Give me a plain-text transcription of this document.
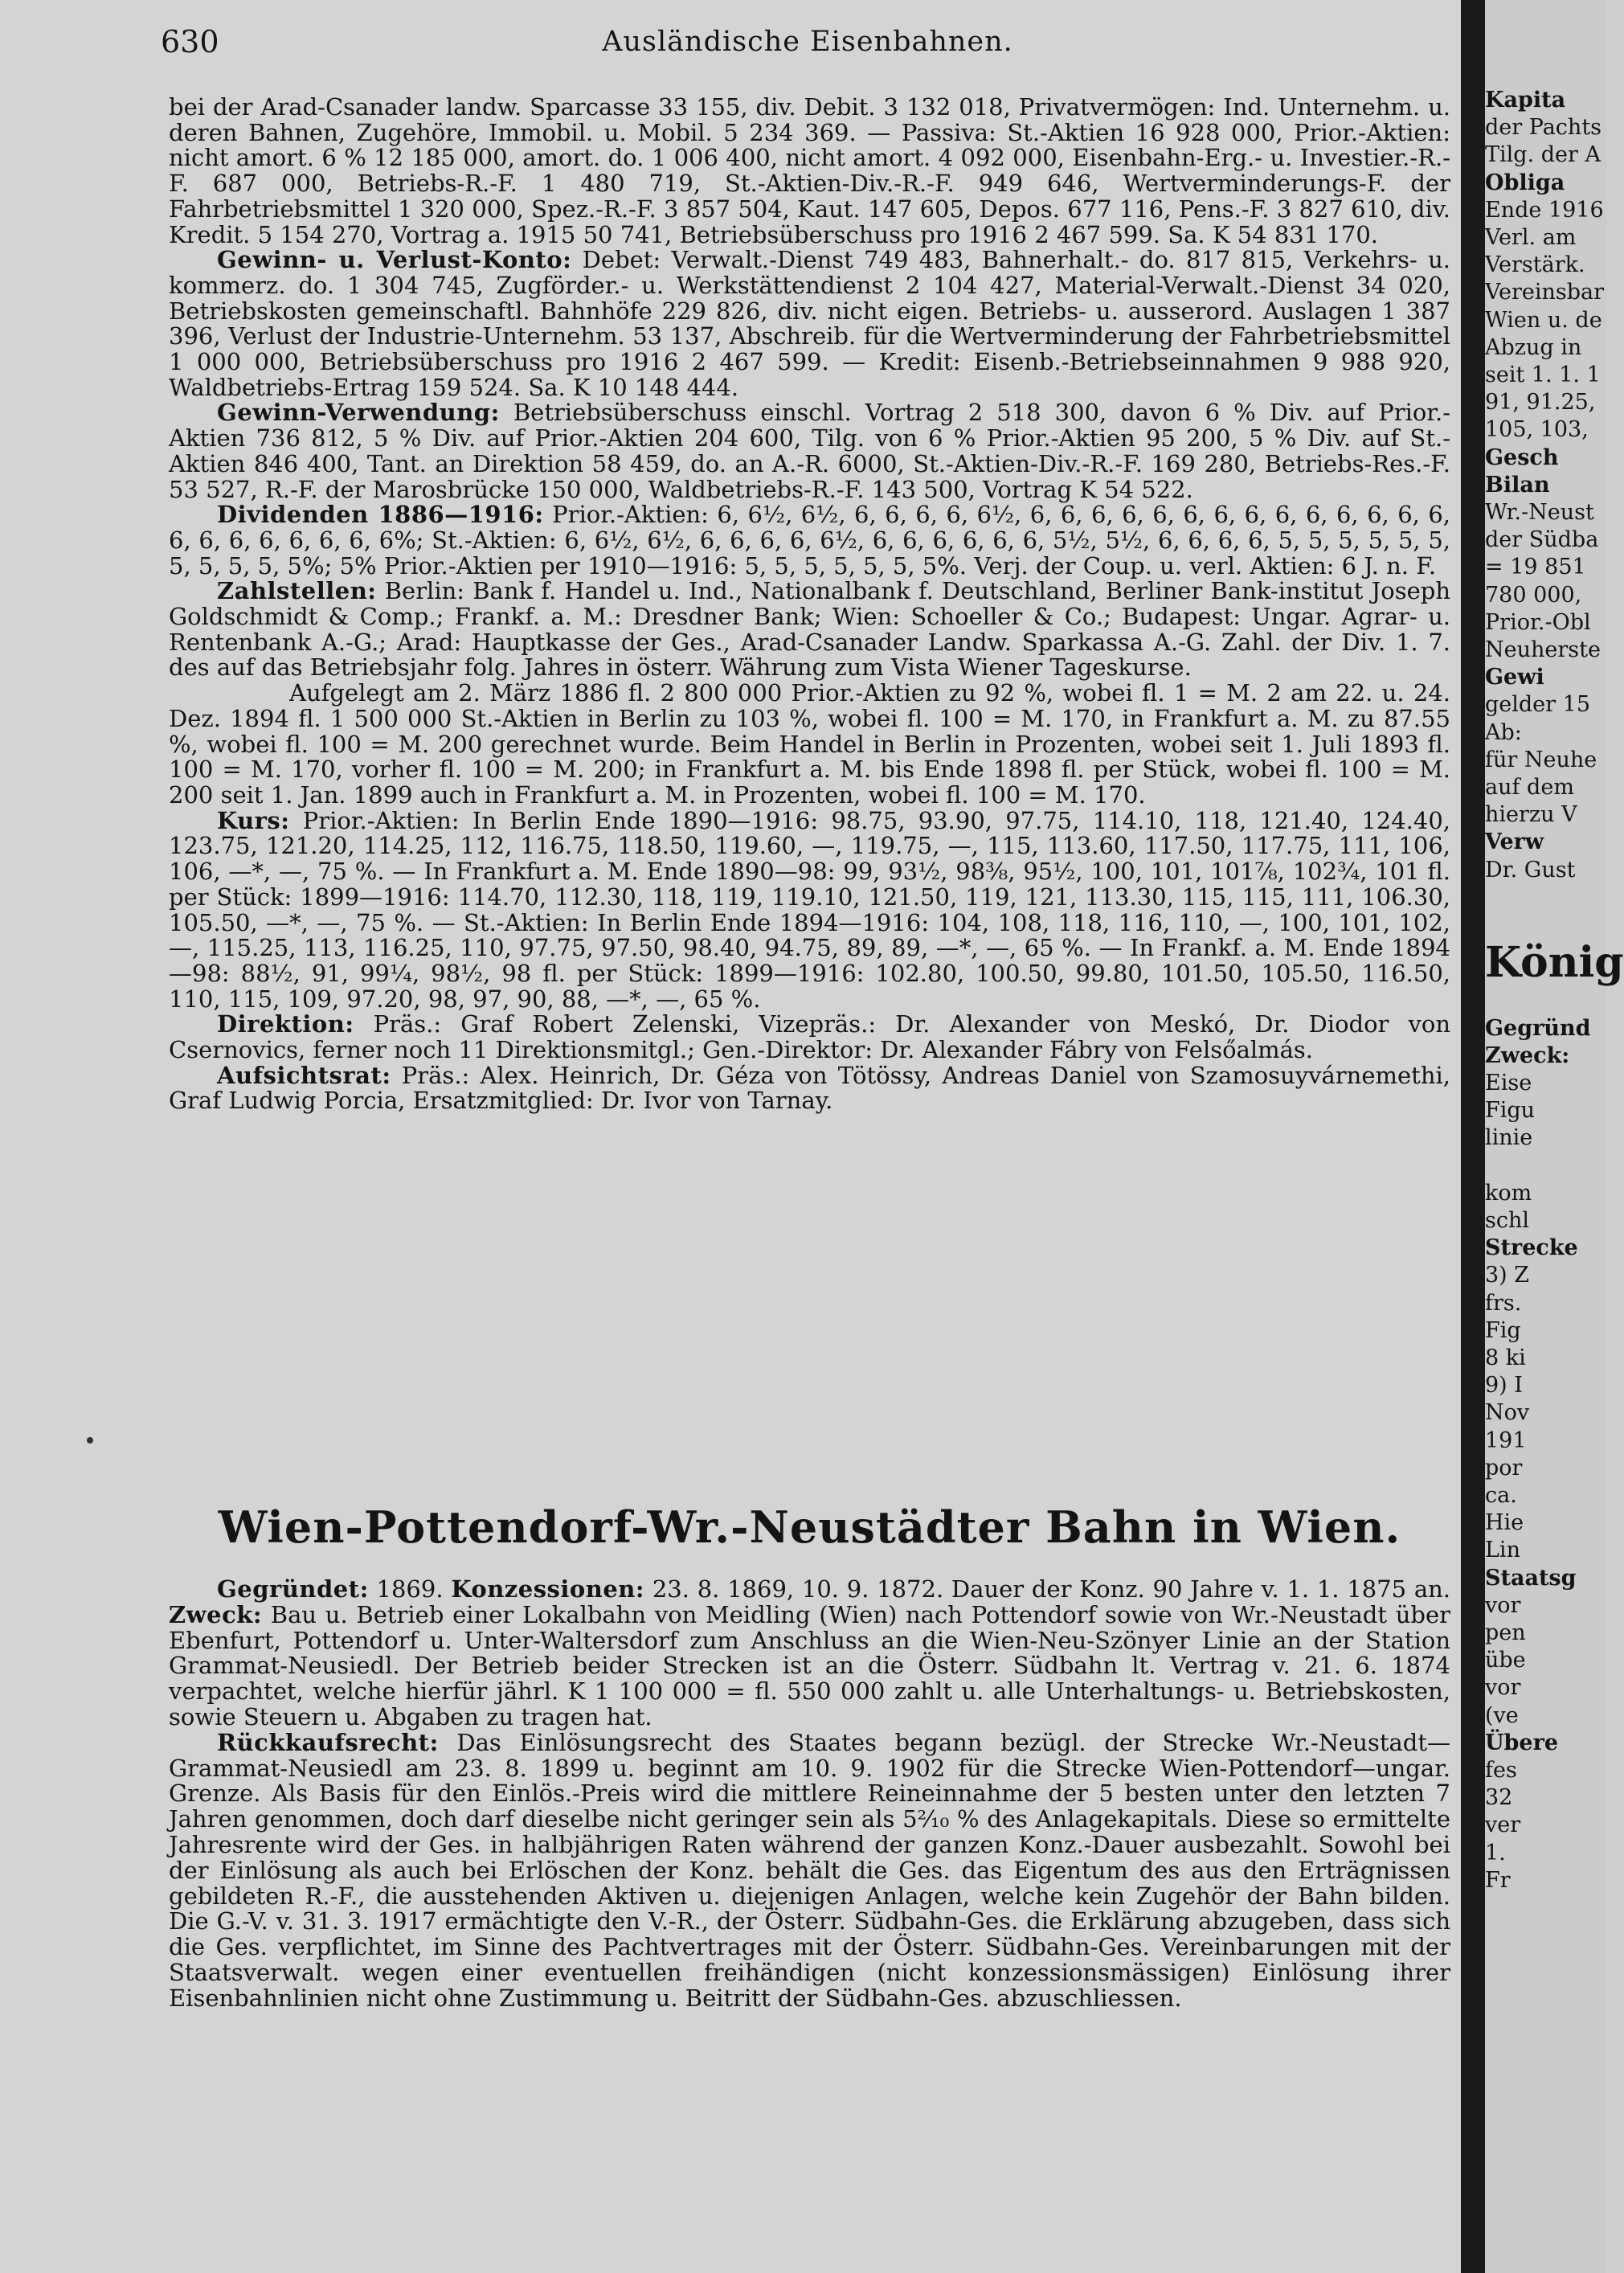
630	Ausländische Eisenbahnen.

bei der Arad-Csanader landw. Sparcasse 33 155, div. Debit. 3 132 018, Privatvermögen: Ind. Unternehm. u. deren Bahnen, Zugehöre, Immobil. u. Mobil. 5 234 369. — Passiva: St.-Aktien 16 928 000, Prior.-Aktien: nicht amort. 6 % 12 185 000, amort. do. 1 006 400, nicht amort. 4 092 000, Eisenbahn-Erg.- u. Investier.-R.-F. 687 000, Betriebs-R.-F. 1 480 719, St.-Aktien-Div.-R.-F. 949 646, Wertverminderungs-F. der Fahrbetriebsmittel 1 320 000, Spez.-R.-F. 3 857 504, Kaut. 147 605, Depos. 677 116, Pens.-F. 3 827 610, div. Kredit. 5 154 270, Vortrag a. 1915 50 741, Betriebsüberschuss pro 1916 2 467 599. Sa. K 54 831 170.

Gewinn- u. Verlust-Konto: Debet: Verwalt.-Dienst 749 483, Bahnerhalt.- do. 817 815, Verkehrs- u. kommerz. do. 1 304 745, Zugförder.- u. Werkstättendienst 2 104 427, Material-Verwalt.-Dienst 34 020, Betriebskosten gemeinschaftl. Bahnhöfe 229 826, div. nicht eigen. Betriebs- u. ausserord. Auslagen 1 387 396, Verlust der Industrie-Unternehm. 53 137, Abschreib. für die Wertverminderung der Fahrbetriebsmittel 1 000 000, Betriebsüberschuss pro 1916 2 467 599. — Kredit: Eisenb.-Betriebseinnahmen 9 988 920, Waldbetriebs-Ertrag 159 524. Sa. K 10 148 444.

Gewinn-Verwendung: Betriebsüberschuss einschl. Vortrag 2 518 300, davon 6 % Div. auf Prior.-Aktien 736 812, 5 % Div. auf Prior.-Aktien 204 600, Tilg. von 6 % Prior.-Aktien 95 200, 5 % Div. auf St.-Aktien 846 400, Tant. an Direktion 58 459, do. an A.-R. 6000, St.-Aktien-Div.-R.-F. 169 280, Betriebs-Res.-F. 53 527, R.-F. der Marosbrücke 150 000, Waldbetriebs-R.-F. 143 500, Vortrag K 54 522.

Dividenden 1886—1916: Prior.-Aktien: 6, 6½, 6½, 6, 6, 6, 6, 6½, 6, 6, 6, 6, 6, 6, 6, 6, 6, 6, 6, 6, 6, 6, 6, 6, 6, 6, 6, 6, 6, 6%; St.-Aktien: 6, 6½, 6½, 6, 6, 6, 6, 6½, 6, 6, 6, 6, 6, 6, 5½, 5½, 6, 6, 6, 6, 5, 5, 5, 5, 5, 5, 5, 5, 5, 5, 5%; 5% Prior.-Aktien per 1910—1916: 5, 5, 5, 5, 5, 5, 5%. Verj. der Coup. u. verl. Aktien: 6 J. n. F.

Zahlstellen: Berlin: Bank f. Handel u. Ind., Nationalbank f. Deutschland, Berliner Bank-institut Joseph Goldschmidt & Comp.; Frankf. a. M.: Dresdner Bank; Wien: Schoeller & Co.; Budapest: Ungar. Agrar- u. Rentenbank A.-G.; Arad: Hauptkasse der Ges., Arad-Csanader Landw. Sparkassa A.-G. Zahl. der Div. 1. 7. des auf das Betriebsjahr folg. Jahres in österr. Währung zum Vista Wiener Tageskurse.

Aufgelegt am 2. März 1886 fl. 2 800 000 Prior.-Aktien zu 92 %, wobei fl. 1 = M. 2 am 22. u. 24. Dez. 1894 fl. 1 500 000 St.-Aktien in Berlin zu 103 %, wobei fl. 100 = M. 170, in Frankfurt a. M. zu 87.55 %, wobei fl. 100 = M. 200 gerechnet wurde. Beim Handel in Berlin in Prozenten, wobei seit 1. Juli 1893 fl. 100 = M. 170, vorher fl. 100 = M. 200; in Frankfurt a. M. bis Ende 1898 fl. per Stück, wobei fl. 100 = M. 200 seit 1. Jan. 1899 auch in Frankfurt a. M. in Prozenten, wobei fl. 100 = M. 170.

Kurs: Prior.-Aktien: In Berlin Ende 1890—1916: 98.75, 93.90, 97.75, 114.10, 118, 121.40, 124.40, 123.75, 121.20, 114.25, 112, 116.75, 118.50, 119.60, —, 119.75, —, 115, 113.60, 117.50, 117.75, 111, 106, 106, —*, —, 75 %. — In Frankfurt a. M. Ende 1890—98: 99, 93½, 98⅜, 95½, 100, 101, 101⅞, 102¾, 101 fl. per Stück: 1899—1916: 114.70, 112.30, 118, 119, 119.10, 121.50, 119, 121, 113.30, 115, 115, 111, 106.30, 105.50, —*, —, 75 %. — St.-Aktien: In Berlin Ende 1894—1916: 104, 108, 118, 116, 110, —, 100, 101, 102, —, 115.25, 113, 116.25, 110, 97.75, 97.50, 98.40, 94.75, 89, 89, —*, —, 65 %. — In Frankf. a. M. Ende 1894—98: 88½, 91, 99¼, 98½, 98 fl. per Stück: 1899—1916: 102.80, 100.50, 99.80, 101.50, 105.50, 116.50, 110, 115, 109, 97.20, 98, 97, 90, 88, —*, —, 65 %.

Direktion: Präs.: Graf Robert Zelenski, Vizepräs.: Dr. Alexander von Meskó, Dr. Diodor von Csernovics, ferner noch 11 Direktionsmitgl.; Gen.-Direktor: Dr. Alexander Fábry von Felsőalmás.

Aufsichtsrat: Präs.: Alex. Heinrich, Dr. Géza von Tötössy, Andreas Daniel von Szamosuyvárnemethi, Graf Ludwig Porcia, Ersatzmitglied: Dr. Ivor von Tarnay.

Wien-Pottendorf-Wr.-Neustädter Bahn in Wien.

Gegründet: 1869. Konzessionen: 23. 8. 1869, 10. 9. 1872. Dauer der Konz. 90 Jahre v. 1. 1. 1875 an. Zweck: Bau u. Betrieb einer Lokalbahn von Meidling (Wien) nach Pottendorf sowie von Wr.-Neustadt über Ebenfurt, Pottendorf u. Unter-Waltersdorf zum Anschluss an die Wien-Neu-Szönyer Linie an der Station Grammat-Neusiedl. Der Betrieb beider Strecken ist an die Österr. Südbahn lt. Vertrag v. 21. 6. 1874 verpachtet, welche hierfür jährl. K 1 100 000 = fl. 550 000 zahlt u. alle Unterhaltungs- u. Betriebskosten, sowie Steuern u. Abgaben zu tragen hat.

Rückkaufsrecht: Das Einlösungsrecht des Staates begann bezügl. der Strecke Wr.-Neustadt—Grammat-Neusiedl am 23. 8. 1899 u. beginnt am 10. 9. 1902 für die Strecke Wien-Pottendorf—ungar. Grenze. Als Basis für den Einlös.-Preis wird die mittlere Reineinnahme der 5 besten unter den letzten 7 Jahren genommen, doch darf dieselbe nicht geringer sein als 5²⁄₁₀ % des Anlagekapitals. Diese so ermittelte Jahresrente wird der Ges. in halbjährigen Raten während der ganzen Konz.-Dauer ausbezahlt. Sowohl bei der Einlösung als auch bei Erlöschen der Konz. behält die Ges. das Eigentum des aus den Erträgnissen gebildeten R.-F., die ausstehenden Aktiven u. diejenigen Anlagen, welche kein Zugehör der Bahn bilden. Die G.-V. v. 31. 3. 1917 ermächtigte den V.-R., der Österr. Südbahn-Ges. die Erklärung abzugeben, dass sich die Ges. verpflichtet, im Sinne des Pachtvertrages mit der Österr. Südbahn-Ges. Vereinbarungen mit der Staatsverwalt. wegen einer eventuellen freihändigen (nicht konzessionsmässigen) Einlösung ihrer Eisenbahnlinien nicht ohne Zustimmung u. Beitritt der Südbahn-Ges. abzuschliessen.

Kapita
der Pachts
Tilg. der A
Obliga
Ende 1916
Verl. am
Verstärk.
Vereinsbar
Wien u. de
Abzug in
seit 1. 1. 1
91, 91.25,
105, 103,
Gesch
Bilan
Wr.-Neust
der Südba
= 19 851
780 000,
Prior.-Obl
Neuherste
Gewi
gelder 15
Ab:
für Neuhe
auf dem
hierzu V
Verw
Dr. Gust

König

Gegründ
Zweck:
Eise
Figu
linie

kom
schl
Strecke
3) Z
frs.
Fig
8 ki
9) I
Nov
191
por
ca.
Hie
Lin
Staatsg
vor
pen
übe
vor
(ve
Übere
fes
32
ver
1.
Fr
